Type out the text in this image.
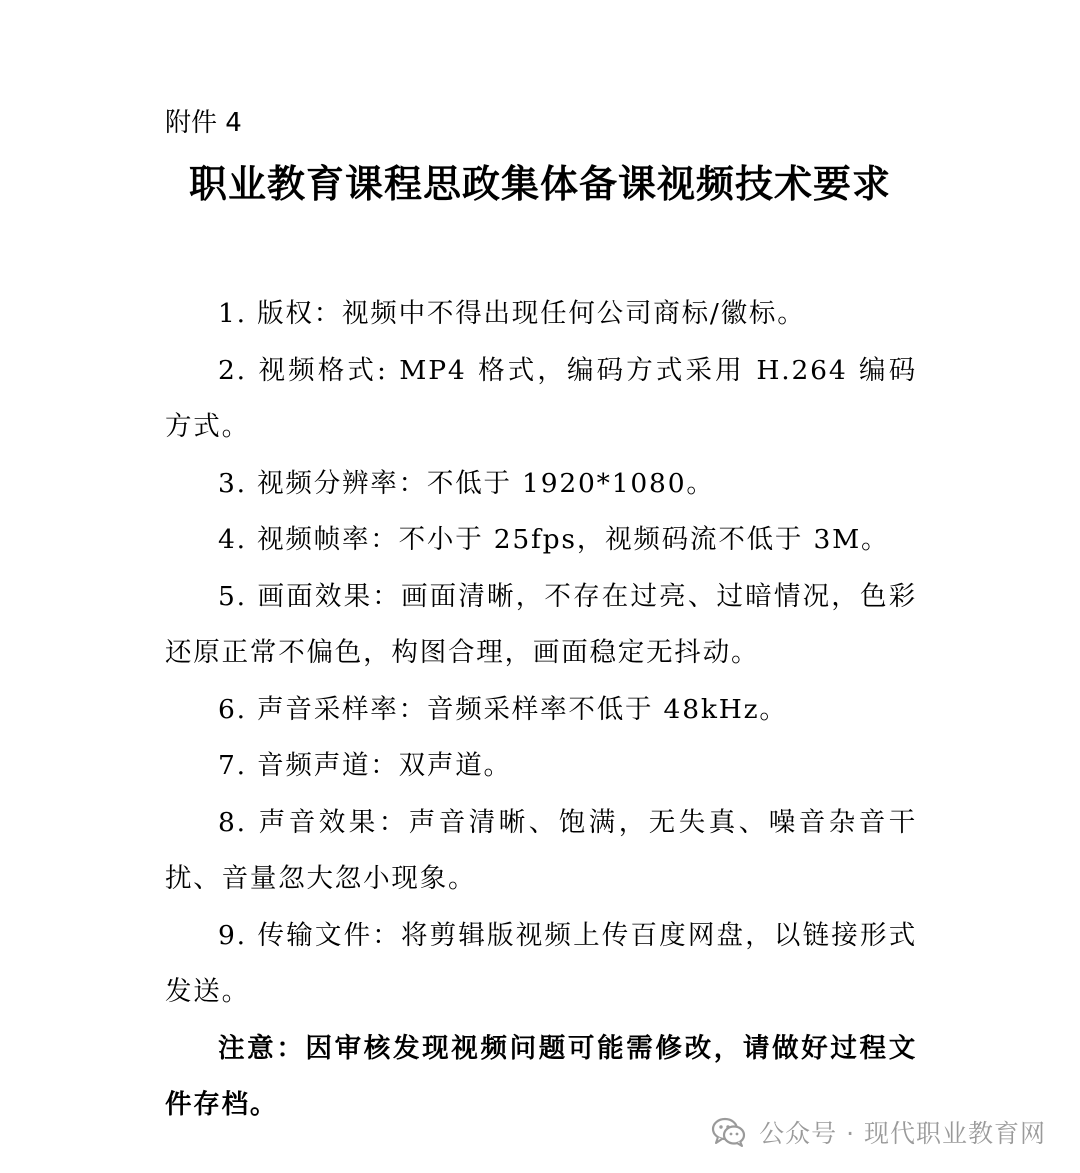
附件 4
职业教育课程思政集体备课视频技术要求

1. 版权：视频中不得出现任何公司商标/徽标。

2. 视频格式: MP4 格式，编码方式采用 H.264 编码方式。

3. 视频分辨率：不低于 1920*1080。

4. 视频帧率：不小于 25fps，视频码流不低于 3M。

5. 画面效果：画面清晰，不存在过亮、过暗情况，色彩还原正常不偏色，构图合理，画面稳定无抖动。

6. 声音采样率：音频采样率不低于 48kHz。

7. 音频声道：双声道。

8. 声音效果：声音清晰、饱满，无失真、噪音杂音干扰、音量忽大忽小现象。

9. 传输文件：将剪辑版视频上传百度网盘，以链接形式发送。

注意：因审核发现视频问题可能需修改，请做好过程文件存档。

公众号 · 现代职业教育网
